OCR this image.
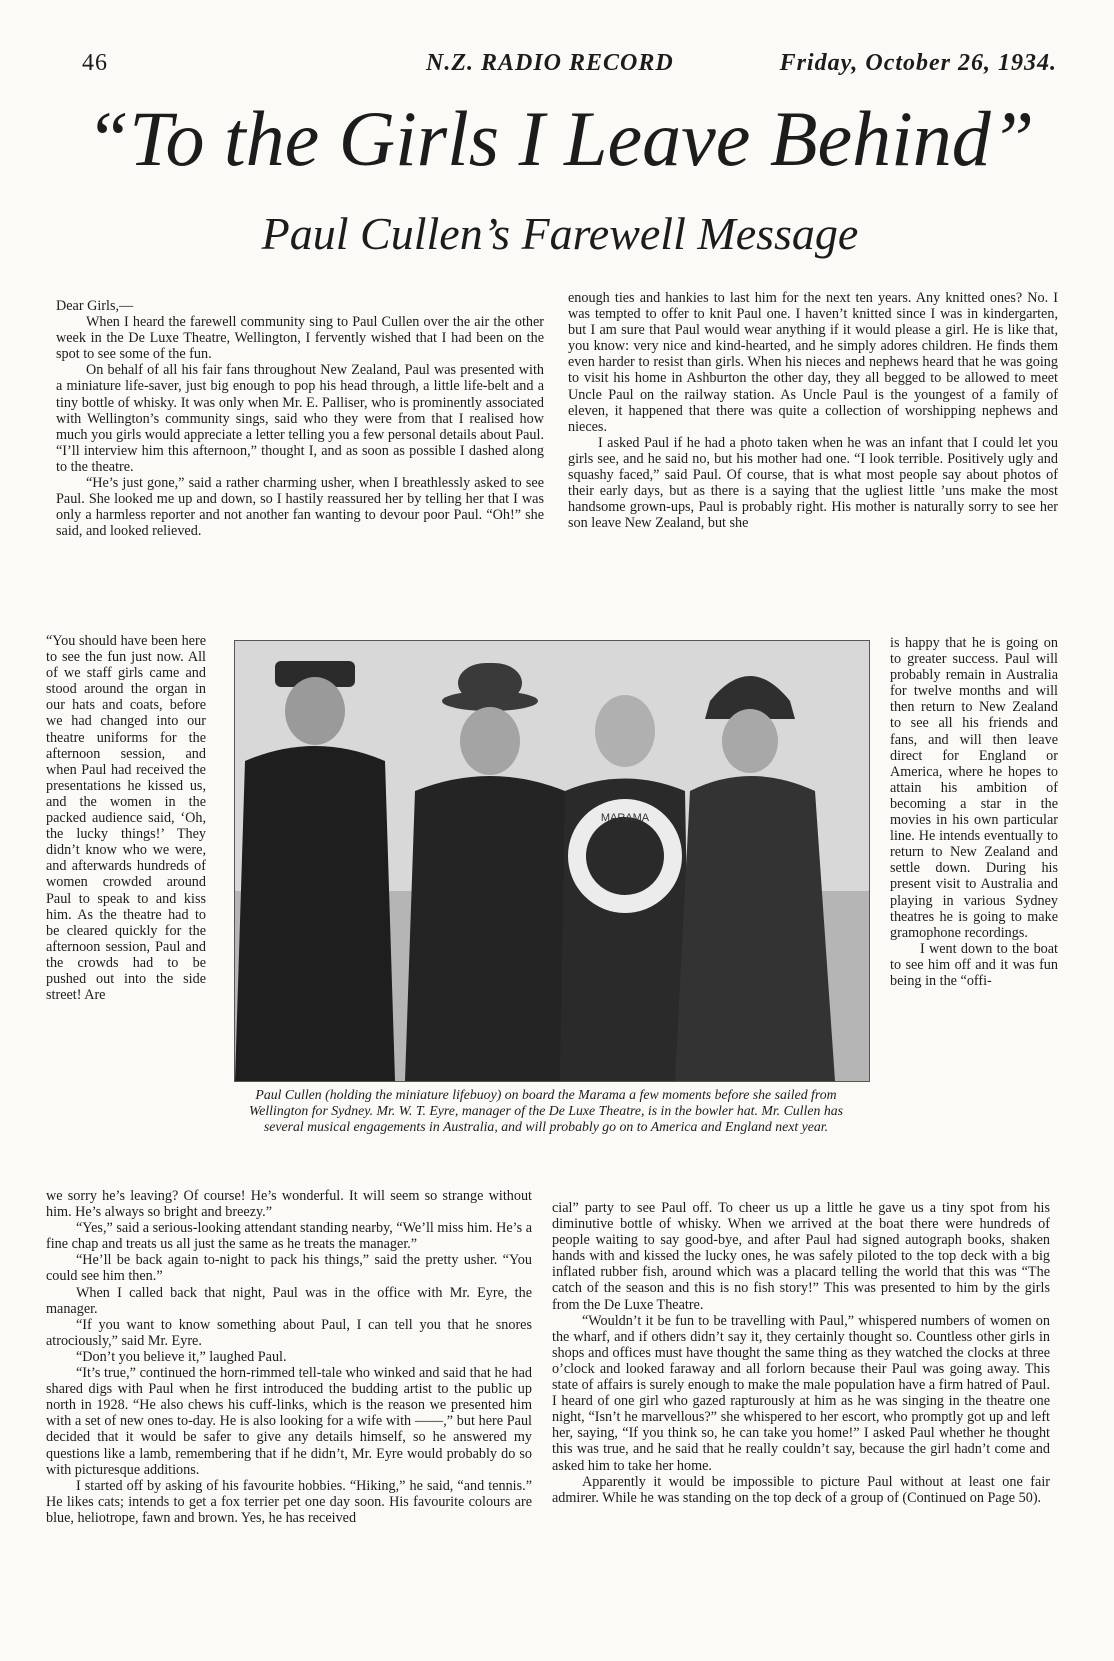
46	N.Z. RADIO RECORD	Friday, October 26, 1934.
“To the Girls I Leave Behind”
Paul Cullen’s Farewell Message

Dear Girls,—

When I heard the farewell community sing to Paul Cullen over the air the other week in the De Luxe Theatre, Wellington, I fervently wished that I had been on the spot to see some of the fun.

On behalf of all his fair fans throughout New Zealand, Paul was presented with a miniature life-saver, just big enough to pop his head through, a little life-belt and a tiny bottle of whisky. It was only when Mr. E. Palliser, who is prominently associated with Wellington’s community sings, said who they were from that I realised how much you girls would appreciate a letter telling you a few personal details about Paul. “I’ll interview him this afternoon,” thought I, and as soon as possible I dashed along to the theatre.

“He’s just gone,” said a rather charming usher, when I breathlessly asked to see Paul. She looked me up and down, so I hastily reassured her by telling her that I was only a harmless reporter and not another fan wanting to devour poor Paul. “Oh!” she said, and looked relieved.

“You should have been here to see the fun just now. All of we staff girls came and stood around the organ in our hats and coats, before we had changed into our theatre uniforms for the afternoon session, and when Paul had received the presentations he kissed us, and the women in the packed audience said, ‘Oh, the lucky things!’ They didn’t know who we were, and afterwards hundreds of women crowded around Paul to speak to and kiss him. As the theatre had to be cleared quickly for the afternoon session, Paul and the crowds had to be pushed out into the side street! Are

we sorry he’s leaving? Of course! He’s wonderful. It will seem so strange without him. He’s always so bright and breezy.”

“Yes,” said a serious-looking attendant standing nearby, “We’ll miss him. He’s a fine chap and treats us all just the same as he treats the manager.”

“He’ll be back again to-night to pack his things,” said the pretty usher. “You could see him then.”

When I called back that night, Paul was in the office with Mr. Eyre, the manager.

“If you want to know something about Paul, I can tell you that he snores atrociously,” said Mr. Eyre.

“Don’t you believe it,” laughed Paul.

“It’s true,” continued the horn-rimmed tell-tale who winked and said that he had shared digs with Paul when he first introduced the budding artist to the public up north in 1928. “He also chews his cuff-links, which is the reason we presented him with a set of new ones to-day. He is also looking for a wife with ——,” but here Paul decided that it would be safer to give any details himself, so he answered my questions like a lamb, remembering that if he didn’t, Mr. Eyre would probably do so with picturesque additions.

I started off by asking of his favourite hobbies. “Hiking,” he said, “and tennis.” He likes cats; intends to get a fox terrier pet one day soon. His favourite colours are blue, heliotrope, fawn and brown. Yes, he has received

enough ties and hankies to last him for the next ten years. Any knitted ones? No. I was tempted to offer to knit Paul one. I haven’t knitted since I was in kindergarten, but I am sure that Paul would wear anything if it would please a girl. He is like that, you know: very nice and kind-hearted, and he simply adores children. He finds them even harder to resist than girls. When his nieces and nephews heard that he was going to visit his home in Ashburton the other day, they all begged to be allowed to meet Uncle Paul on the railway station. As Uncle Paul is the youngest of a family of eleven, it happened that there was quite a collection of worshipping nephews and nieces.

I asked Paul if he had a photo taken when he was an infant that I could let you girls see, and he said no, but his mother had one. “I look terrible. Positively ugly and squashy faced,” said Paul. Of course, that is what most people say about photos of their early days, but as there is a saying that the ugliest little ’uns make the most handsome grown-ups, Paul is probably right. His mother is naturally sorry to see her son leave New Zealand, but she

is happy that he is going on to greater success. Paul will probably remain in Australia for twelve months and will then return to New Zealand to see all his friends and fans, and will then leave direct for England or America, where he hopes to attain his ambition of becoming a star in the movies in his own particular line. He intends eventually to return to New Zealand and settle down. During his present visit to Australia and playing in various Sydney theatres he is going to make gramophone recordings.

I went down to the boat to see him off and it was fun being in the “offi-

cial” party to see Paul off. To cheer us up a little he gave us a tiny spot from his diminutive bottle of whisky. When we arrived at the boat there were hundreds of people waiting to say good-bye, and after Paul had signed autograph books, shaken hands with and kissed the lucky ones, he was safely piloted to the top deck with a big inflated rubber fish, around which was a placard telling the world that this was “The catch of the season and this is no fish story!” This was presented to him by the girls from the De Luxe Theatre.

“Wouldn’t it be fun to be travelling with Paul,” whispered numbers of women on the wharf, and if others didn’t say it, they certainly thought so. Countless other girls in shops and offices must have thought the same thing as they watched the clocks at three o’clock and looked faraway and all forlorn because their Paul was going away. This state of affairs is surely enough to make the male population have a firm hatred of Paul. I heard of one girl who gazed rapturously at him as he was singing in the theatre one night, “Isn’t he marvellous?” she whispered to her escort, who promptly got up and left her, saying, “If you think so, he can take you home!” I asked Paul whether he thought this was true, and he said that he really couldn’t say, because the girl hadn’t come and asked him to take her home.

Apparently it would be impossible to picture Paul without at least one fair admirer. While he was standing on the top deck of a group of (Continued on Page 50).

MARAMA
Paul Cullen (holding the miniature lifebuoy) on board the Marama a few moments before she sailed from Wellington for Sydney. Mr. W. T. Eyre, manager of the De Luxe Theatre, is in the bowler hat. Mr. Cullen has several musical engagements in Australia, and will probably go on to America and England next year.
